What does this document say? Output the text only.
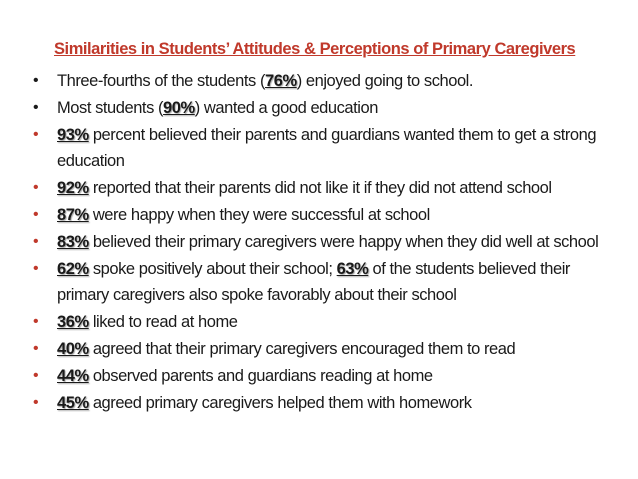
Similarities in Students’ Attitudes & Perceptions of Primary Caregivers
• Three-fourths of the students (76%) enjoyed going to school.
• Most students (90%) wanted a good education
• 93% percent believed their parents and guardians wanted them to get a strong education
• 92% reported that their parents did not like it if they did not attend school
• 87% were happy when they were successful at school
• 83% believed their primary caregivers were happy when they did well at school
• 62% spoke positively about their school; 63% of the students believed their primary caregivers also spoke favorably about their school
• 36% liked to read at home
• 40% agreed that their primary caregivers encouraged them to read
• 44% observed parents and guardians reading at home
• 45% agreed primary caregivers helped them with homework
